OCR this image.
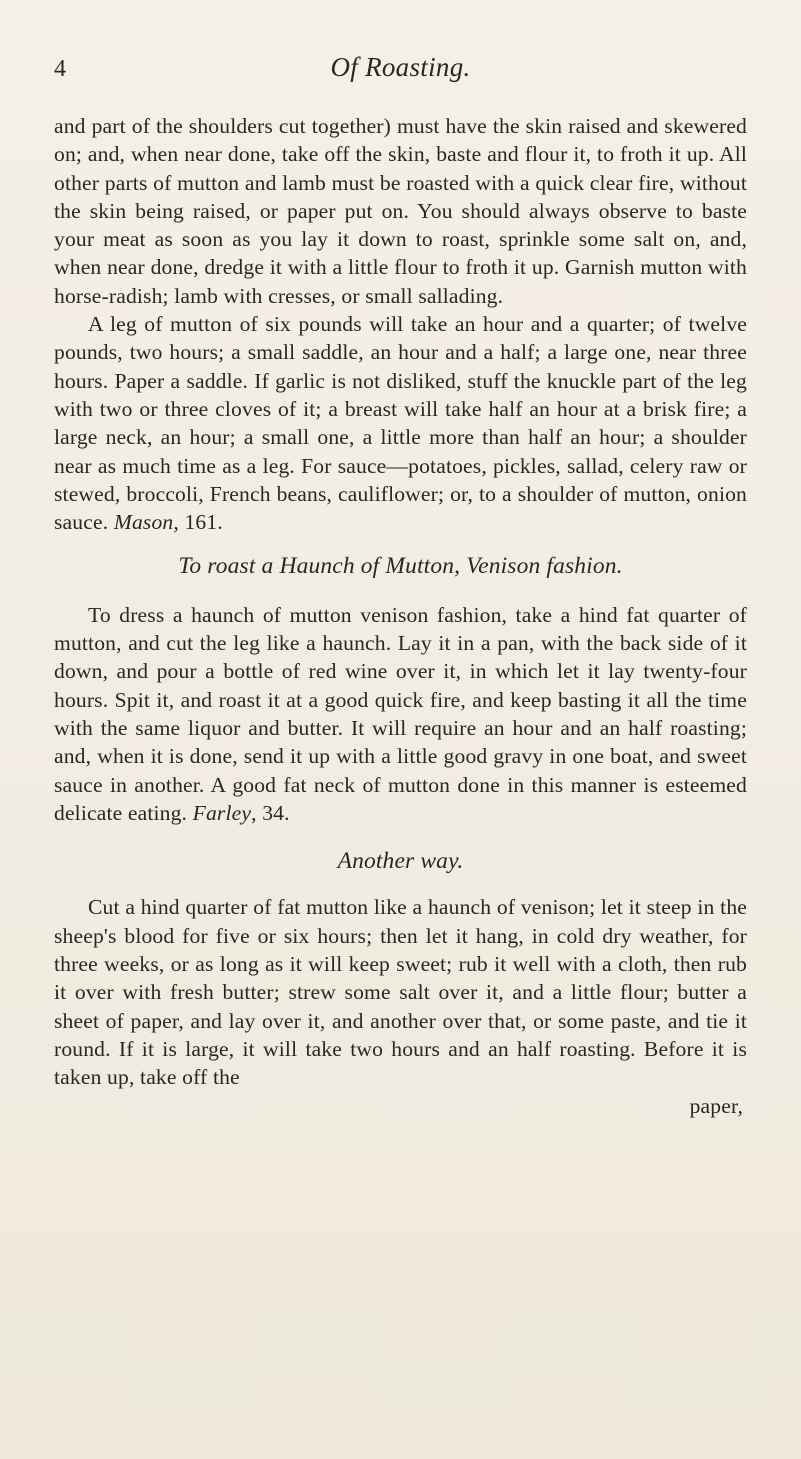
4	Of Roasting.

and part of the shoulders cut together) must have the skin raised and skewered on; and, when near done, take off the skin, baste and flour it, to froth it up. All other parts of mutton and lamb must be roasted with a quick clear fire, without the skin being raised, or paper put on. You should always observe to baste your meat as soon as you lay it down to roast, sprinkle some salt on, and, when near done, dredge it with a little flour to froth it up. Garnish mutton with horse-radish; lamb with cresses, or small sallading.

A leg of mutton of six pounds will take an hour and a quarter; of twelve pounds, two hours; a small saddle, an hour and a half; a large one, near three hours. Paper a saddle. If garlic is not disliked, stuff the knuckle part of the leg with two or three cloves of it; a breast will take half an hour at a brisk fire; a large neck, an hour; a small one, a little more than half an hour; a shoulder near as much time as a leg. For sauce—potatoes, pickles, sallad, celery raw or stewed, broccoli, French beans, cauliflower; or, to a shoulder of mutton, onion sauce. Mason, 161.

To roast a Haunch of Mutton, Venison fashion.

To dress a haunch of mutton venison fashion, take a hind fat quarter of mutton, and cut the leg like a haunch. Lay it in a pan, with the back side of it down, and pour a bottle of red wine over it, in which let it lay twenty-four hours. Spit it, and roast it at a good quick fire, and keep basting it all the time with the same liquor and butter. It will require an hour and an half roasting; and, when it is done, send it up with a little good gravy in one boat, and sweet sauce in another. A good fat neck of mutton done in this manner is esteemed delicate eating. Farley, 34.

Another way.

Cut a hind quarter of fat mutton like a haunch of venison; let it steep in the sheep's blood for five or six hours; then let it hang, in cold dry weather, for three weeks, or as long as it will keep sweet; rub it well with a cloth, then rub it over with fresh butter; strew some salt over it, and a little flour; butter a sheet of paper, and lay over it, and another over that, or some paste, and tie it round. If it is large, it will take two hours and an half roasting. Before it is taken up, take off the

paper,
